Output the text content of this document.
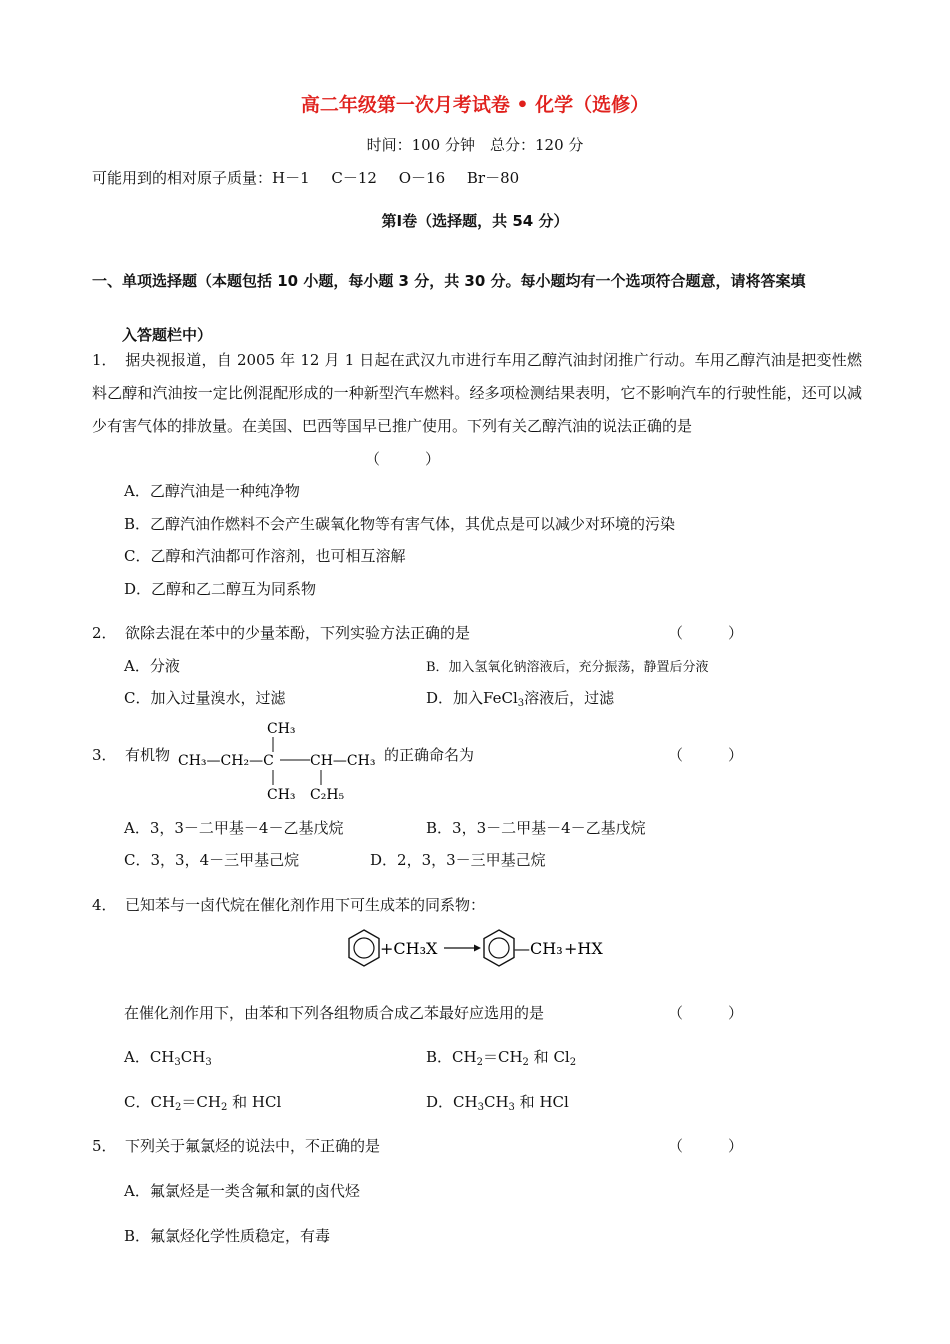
高二年级第一次月考试卷 • 化学（选修）
时间：100 分钟　总分：120 分
可能用到的相对原子质量：H－1　 C－12　 O－16　 Br－80
第Ⅰ卷（选择题，共 54 分）
一、单项选择题（本题包括 10 小题，每小题 3 分，共 30 分。每小题均有一个选项符合题意，请将答案填
入答题栏中）
1． 据央视报道，自 2005 年 12 月 1 日起在武汉九市进行车用乙醇汽油封闭推广行动。车用乙醇汽油是把变性燃料乙醇和汽油按一定比例混配形成的一种新型汽车燃料。经多项检测结果表明，它不影响汽车的行驶性能，还可以减少有害气体的排放量。在美国、巴西等国早已推广使用。下列有关乙醇汽油的说法正确的是
（　　　）
A．乙醇汽油是一种纯净物
B．乙醇汽油作燃料不会产生碳氧化物等有害气体，其优点是可以减少对环境的污染
C．乙醇和汽油都可作溶剂，也可相互溶解
D．乙醇和乙二醇互为同系物
2． 欲除去混在苯中的少量苯酚，下列实验方法正确的是	（　　　）
A．分液	B．加入氢氧化钠溶液后，充分振荡，静置后分液
C．加入过量溴水，过滤	D．加入FeCl$_3$溶液后，过滤
3． 有机物
CH₃
CH₃—CH₂—C	CH—CH₃
CH₃ C₂H₅
的正确命名为	（　　　）
A．3，3－二甲基－4－乙基戊烷	B．3，3－二甲基－4－乙基戊烷
C．3，3，4－三甲基己烷	D．2，3，3－三甲基己烷
4． 已知苯与一卤代烷在催化剂作用下可生成苯的同系物：
+CH₃X	—CH₃ +HX
在催化剂作用下，由苯和下列各组物质合成乙苯最好应选用的是	（　　　）
A．$CH_3CH_3$	B．$CH_2=CH_2$ 和 $Cl_2$
C．$CH_2=CH_2$ 和 HCl	D．$CH_3CH_3$ 和 HCl
5． 下列关于氟氯烃的说法中，不正确的是	（　　　）
A．氟氯烃是一类含氟和氯的卤代烃
B．氟氯烃化学性质稳定，有毒
